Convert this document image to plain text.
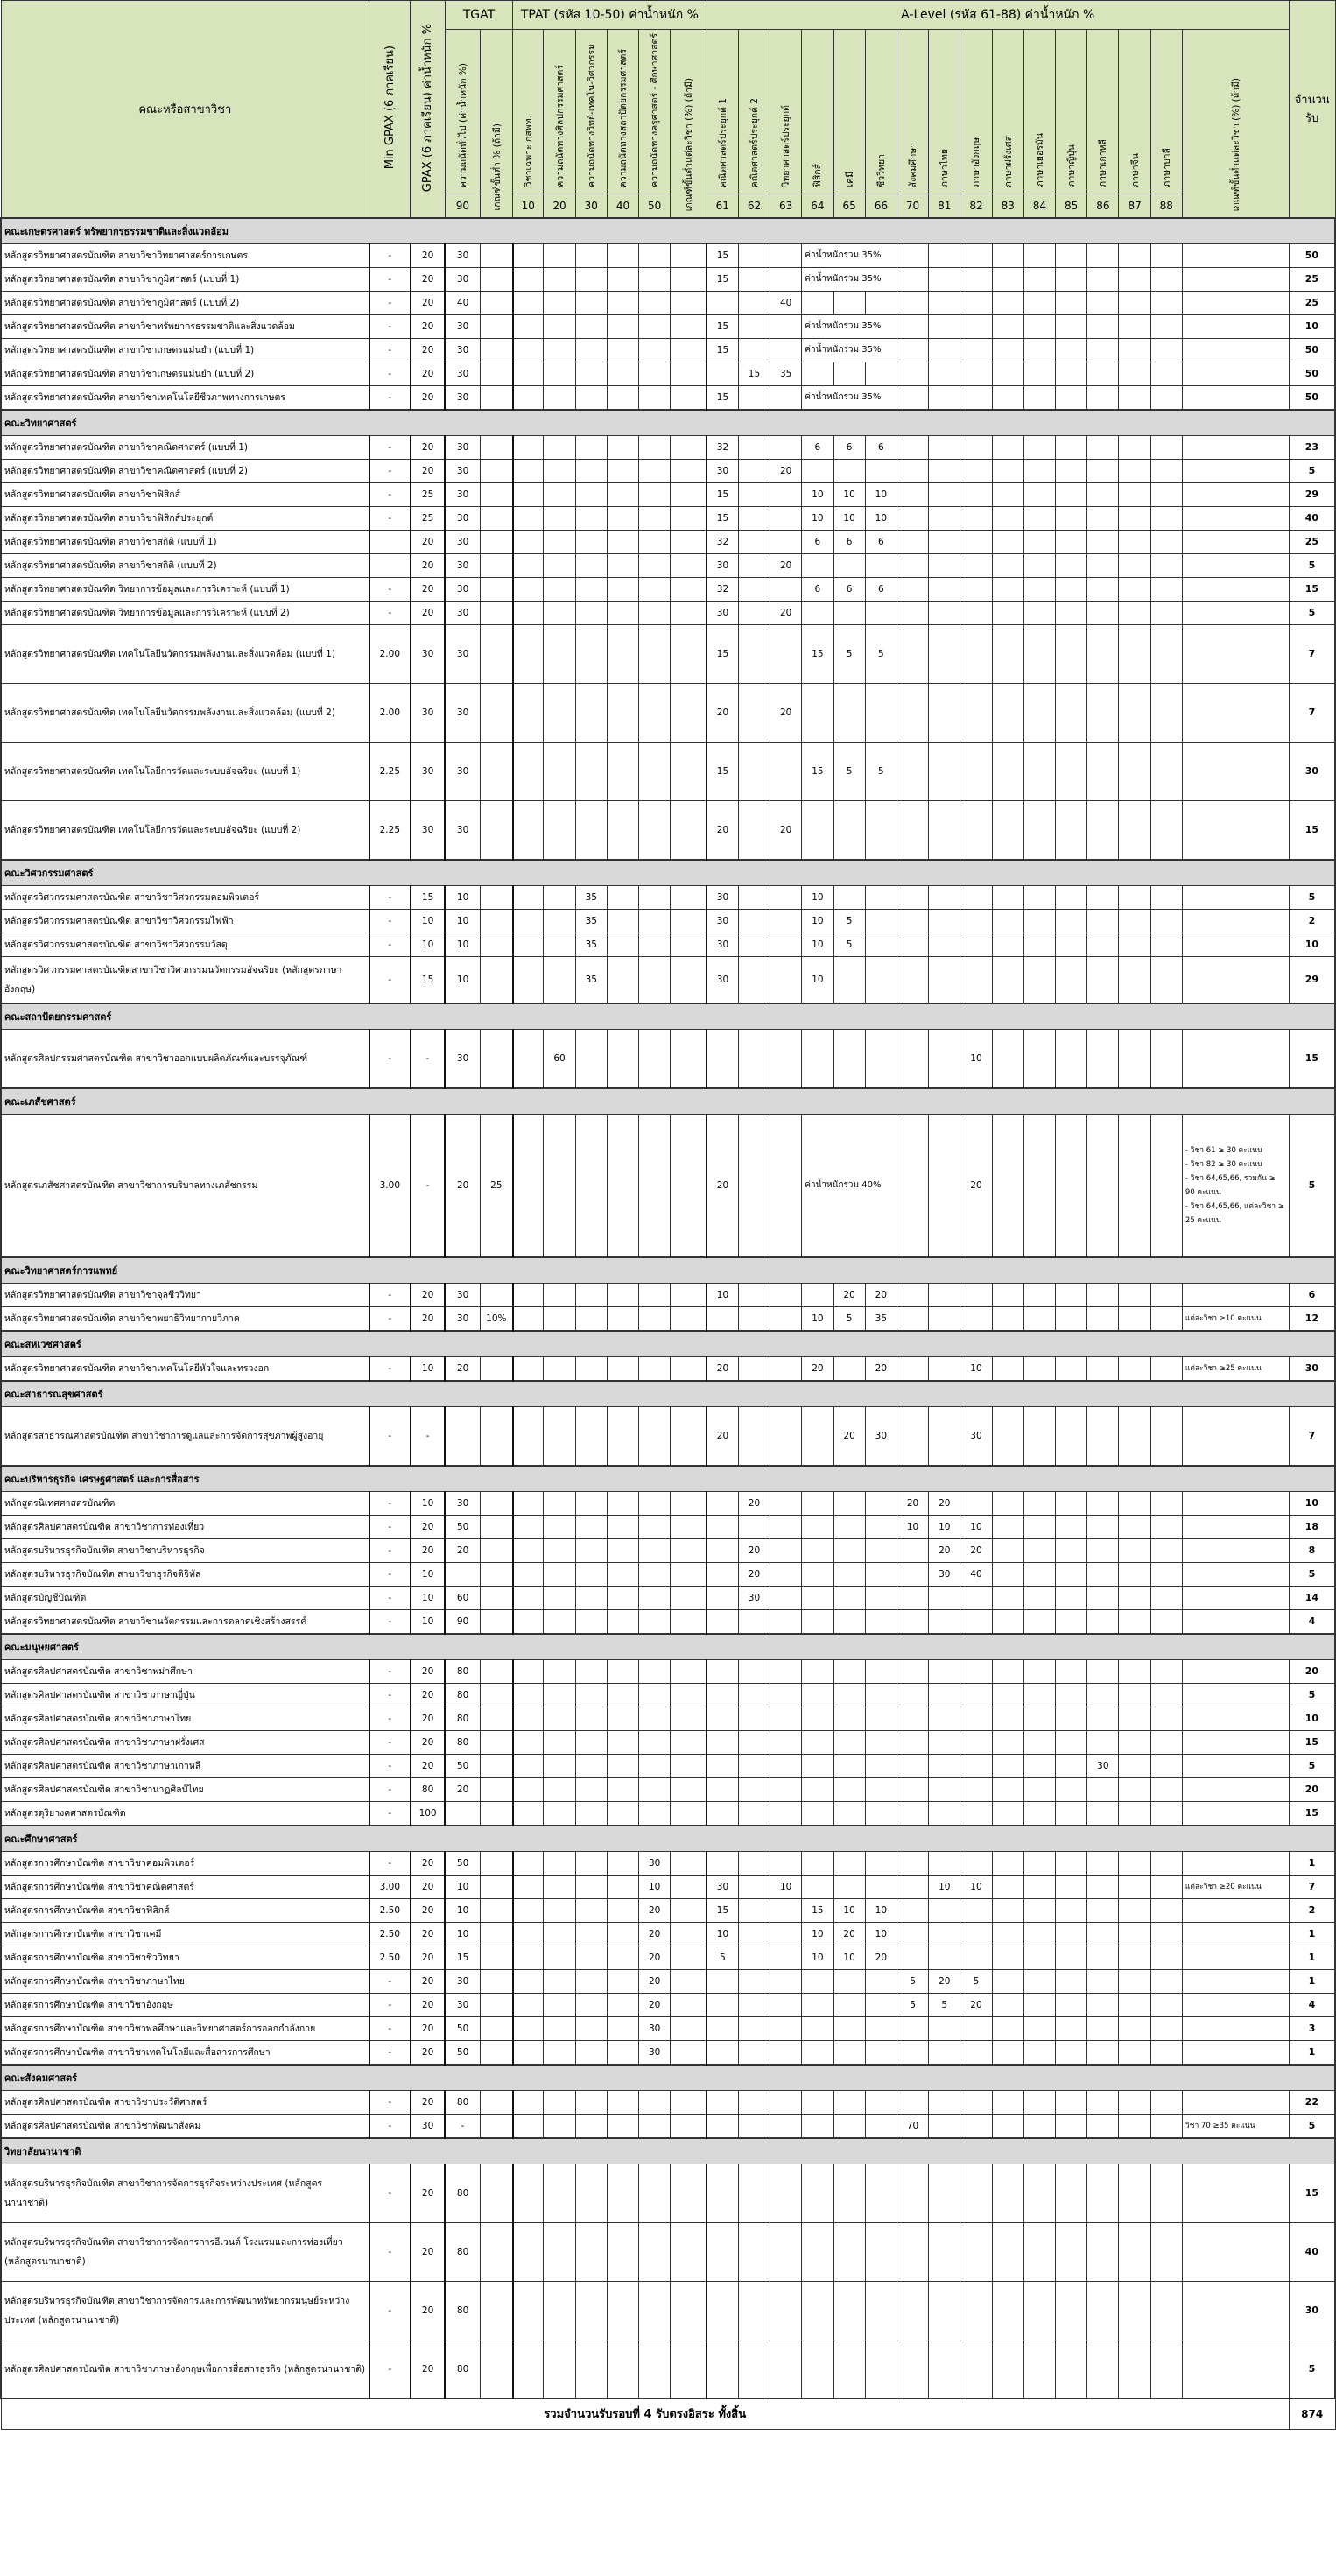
คณะหรือสาขาวิชา	Min GPAX (6 ภาคเรียน)	GPAX (6 ภาคเรียน) ค่าน้ำหนัก %	TGAT		TPAT (รหัส 10-50) ค่าน้ำหนัก %						A-Level (รหัส 61-88) ค่าน้ำหนัก %																จำนวนรับ
			ความถนัดทั่วไป (ค่าน้ำหนัก %)	เกณฑ์ขั้นต่ำ % (ถ้ามี)	วิชาเฉพาะ กสพท.	ความถนัดทางศิลปกรรมศาสตร์	ความถนัดทางวิทย์-เทคโน-วิศวกรรม	ความถนัดทางสถาปัตยกรรมศาสตร์	ความถนัดทางครุศาสตร์ - ศึกษาศาสตร์	เกณฑ์ขั้นต่ำแต่ละวิชา (%) (ถ้ามี)	คณิตศาสตร์ประยุกต์ 1	คณิตศาสตร์ประยุกต์ 2	วิทยาศาสตร์ประยุกต์	ฟิสิกส์	เคมี	ชีววิทยา	สังคมศึกษา	ภาษาไทย	ภาษาอังกฤษ	ภาษาฝรั่งเศส	ภาษาเยอรมัน	ภาษาญี่ปุ่น	ภาษาเกาหลี	ภาษาจีน	ภาษาบาลี	เกณฑ์ขั้นต่ำแต่ละวิชา (%) (ถ้ามี)	
			90		10	20	30	40	50		61	62	63	64	65	66	70	81	82	83	84	85	86	87	88		
คณะเกษตรศาสตร์ ทรัพยากรธรรมชาติและสิ่งแวดล้อม																											
หลักสูตรวิทยาศาสตรบัณฑิต สาขาวิชาวิทยาศาสตร์การเกษตร	-	20	30								15			ค่าน้ำหนักรวม 35%													50
หลักสูตรวิทยาศาสตรบัณฑิต สาขาวิชาภูมิศาสตร์ (แบบที่ 1)	-	20	30								15			ค่าน้ำหนักรวม 35%													25
หลักสูตรวิทยาศาสตรบัณฑิต สาขาวิชาภูมิศาสตร์ (แบบที่ 2)	-	20	40										40														25
หลักสูตรวิทยาศาสตรบัณฑิต สาขาวิชาทรัพยากรธรรมชาติและสิ่งแวดล้อม	-	20	30								15			ค่าน้ำหนักรวม 35%													10
หลักสูตรวิทยาศาสตรบัณฑิต สาขาวิชาเกษตรแม่นยำ (แบบที่ 1)	-	20	30								15			ค่าน้ำหนักรวม 35%													50
หลักสูตรวิทยาศาสตรบัณฑิต สาขาวิชาเกษตรแม่นยำ (แบบที่ 2)	-	20	30									15	35														50
หลักสูตรวิทยาศาสตรบัณฑิต สาขาวิชาเทคโนโลยีชีวภาพทางการเกษตร	-	20	30								15			ค่าน้ำหนักรวม 35%													50
คณะวิทยาศาสตร์																											
หลักสูตรวิทยาศาสตรบัณฑิต สาขาวิชาคณิตศาสตร์ (แบบที่ 1)	-	20	30								32			6	6	6											23
หลักสูตรวิทยาศาสตรบัณฑิต สาขาวิชาคณิตศาสตร์ (แบบที่ 2)	-	20	30								30		20														5
หลักสูตรวิทยาศาสตรบัณฑิต สาขาวิชาฟิสิกส์	-	25	30								15			10	10	10											29
หลักสูตรวิทยาศาสตรบัณฑิต สาขาวิชาฟิสิกส์ประยุกต์	-	25	30								15			10	10	10											40
หลักสูตรวิทยาศาสตรบัณฑิต สาขาวิชาสถิติ (แบบที่ 1)		20	30								32			6	6	6											25
หลักสูตรวิทยาศาสตรบัณฑิต สาขาวิชาสถิติ (แบบที่ 2)		20	30								30		20														5
หลักสูตรวิทยาศาสตรบัณฑิต วิทยาการข้อมูลและการวิเคราะห์ (แบบที่ 1)	-	20	30								32			6	6	6											15
หลักสูตรวิทยาศาสตรบัณฑิต วิทยาการข้อมูลและการวิเคราะห์ (แบบที่ 2)	-	20	30								30		20														5
หลักสูตรวิทยาศาสตรบัณฑิต เทคโนโลยีนวัตกรรมพลังงานและสิ่งแวดล้อม (แบบที่ 1)	2.00	30	30								15			15	5	5											7
หลักสูตรวิทยาศาสตรบัณฑิต เทคโนโลยีนวัตกรรมพลังงานและสิ่งแวดล้อม (แบบที่ 2)	2.00	30	30								20		20														7
หลักสูตรวิทยาศาสตรบัณฑิต เทคโนโลยีการวัดและระบบอัจฉริยะ (แบบที่ 1)	2.25	30	30								15			15	5	5											30
หลักสูตรวิทยาศาสตรบัณฑิต เทคโนโลยีการวัดและระบบอัจฉริยะ (แบบที่ 2)	2.25	30	30								20		20														15
คณะวิศวกรรมศาสตร์																											
หลักสูตรวิศวกรรมศาสตรบัณฑิต สาขาวิชาวิศวกรรมคอมพิวเตอร์	-	15	10				35				30			10													5
หลักสูตรวิศวกรรมศาสตรบัณฑิต สาขาวิชาวิศวกรรมไฟฟ้า	-	10	10				35				30			10	5												2
หลักสูตรวิศวกรรมศาสตรบัณฑิต สาขาวิชาวิศวกรรมวัสดุ	-	10	10				35				30			10	5												10
หลักสูตรวิศวกรรมศาสตรบัณฑิตสาขาวิชาวิศวกรรมนวัตกรรมอัจฉริยะ (หลักสูตรภาษาอังกฤษ)	-	15	10				35				30			10													29
คณะสถาปัตยกรรมศาสตร์																											
หลักสูตรศิลปกรรมศาสตรบัณฑิต สาขาวิชาออกแบบผลิตภัณฑ์และบรรจุภัณฑ์	-	-	30			60													10								15
คณะเภสัชศาสตร์																											
หลักสูตรเภสัชศาสตรบัณฑิต สาขาวิชาการบริบาลทางเภสัชกรรม	3.00	-	20	25							20			ค่าน้ำหนักรวม 40%					20							- วิชา 61 ≥ 30 คะแนน
- วิชา 82 ≥ 30 คะแนน
- วิชา 64,65,66, รวมกัน ≥ 90 คะแนน
- วิชา 64,65,66, แต่ละวิชา ≥ 25 คะแนน	5
คณะวิทยาศาสตร์การแพทย์																											
หลักสูตรวิทยาศาสตรบัณฑิต สาขาวิชาจุลชีววิทยา	-	20	30								10				20	20											6
หลักสูตรวิทยาศาสตรบัณฑิต สาขาวิชาพยาธิวิทยากายวิภาค	-	20	30	10%										10	5	35										แต่ละวิชา ≥10 คะแนน	12
คณะสหเวชศาสตร์																											
หลักสูตรวิทยาศาสตรบัณฑิต สาขาวิชาเทคโนโลยีหัวใจและทรวงอก	-	10	20								20			20		20			10							แต่ละวิชา ≥25 คะแนน	30
คณะสาธารณสุขศาสตร์																											
หลักสูตรสาธารณศาสตรบัณฑิต สาขาวิชาการดูแลและการจัดการสุขภาพผู้สูงอายุ	-	-									20				20	30			30								7
คณะบริหารธุรกิจ เศรษฐศาสตร์ และการสื่อสาร																											
หลักสูตรนิเทศศาสตรบัณฑิต	-	10	30									20					20	20									10
หลักสูตรศิลปศาสตรบัณฑิต สาขาวิชาการท่องเที่ยว	-	20	50														10	10	10								18
หลักสูตรบริหารธุรกิจบัณฑิต สาขาวิชาบริหารธุรกิจ	-	20	20									20						20	20								8
หลักสูตรบริหารธุรกิจบัณฑิต สาขาวิชาธุรกิจดิจิทัล	-	10										20						30	40								5
หลักสูตรบัญชีบัณฑิต	-	10	60									30															14
หลักสูตรวิทยาศาสตรบัณฑิต สาขาวิชานวัตกรรมและการตลาดเชิงสร้างสรรค์	-	10	90																								4
คณะมนุษยศาสตร์																											
หลักสูตรศิลปศาสตรบัณฑิต สาขาวิชาพม่าศึกษา	-	20	80																								20
หลักสูตรศิลปศาสตรบัณฑิต สาขาวิชาภาษาญี่ปุ่น	-	20	80																								5
หลักสูตรศิลปศาสตรบัณฑิต สาขาวิชาภาษาไทย	-	20	80																								10
หลักสูตรศิลปศาสตรบัณฑิต สาขาวิชาภาษาฝรั่งเศส	-	20	80																								15
หลักสูตรศิลปศาสตรบัณฑิต สาขาวิชาภาษาเกาหลี	-	20	50																				30				5
หลักสูตรศิลปศาสตรบัณฑิต สาขาวิชานาฏศิลป์ไทย	-	80	20																								20
หลักสูตรดุริยางคศาสตรบัณฑิต	-	100																									15
คณะศึกษาศาสตร์																											
หลักสูตรการศึกษาบัณฑิต สาขาวิชาคอมพิวเตอร์	-	20	50						30																		1
หลักสูตรการศึกษาบัณฑิต สาขาวิชาคณิตศาสตร์	3.00	20	10						10		30		10					10	10							แต่ละวิชา ≥20 คะแนน	7
หลักสูตรการศึกษาบัณฑิต สาขาวิชาฟิสิกส์	2.50	20	10						20		15			15	10	10											2
หลักสูตรการศึกษาบัณฑิต สาขาวิชาเคมี	2.50	20	10						20		10			10	20	10											1
หลักสูตรการศึกษาบัณฑิต สาขาวิชาชีววิทยา	2.50	20	15						20		5			10	10	20											1
หลักสูตรการศึกษาบัณฑิต สาขาวิชาภาษาไทย	-	20	30						20								5	20	5								1
หลักสูตรการศึกษาบัณฑิต สาขาวิชาอังกฤษ	-	20	30						20								5	5	20								4
หลักสูตรการศึกษาบัณฑิต สาขาวิชาพลศึกษาและวิทยาศาสตร์การออกกำลังกาย	-	20	50						30																		3
หลักสูตรการศึกษาบัณฑิต สาขาวิชาเทคโนโลยีและสื่อสารการศึกษา	-	20	50						30																		1
คณะสังคมศาสตร์																											
หลักสูตรศิลปศาสตรบัณฑิต สาขาวิชาประวัติศาสตร์	-	20	80																								22
หลักสูตรศิลปศาสตรบัณฑิต สาขาวิชาพัฒนาสังคม	-	30	-														70									วิชา 70 ≥35 คะแนน	5
วิทยาลัยนานาชาติ																											
หลักสูตรบริหารธุรกิจบัณฑิต สาขาวิชาการจัดการธุรกิจระหว่างประเทศ (หลักสูตรนานาชาติ)	-	20	80																								15
หลักสูตรบริหารธุรกิจบัณฑิต สาขาวิชาการจัดการการอีเวนต์ โรงแรมและการท่องเที่ยว (หลักสูตรนานาชาติ)	-	20	80																								40
หลักสูตรบริหารธุรกิจบัณฑิต สาขาวิชาการจัดการและการพัฒนาทรัพยากรมนุษย์ระหว่างประเทศ (หลักสูตรนานาชาติ)	-	20	80																								30
หลักสูตรศิลปศาสตรบัณฑิต สาขาวิชาภาษาอังกฤษเพื่อการสื่อสารธุรกิจ (หลักสูตรนานาชาติ)	-	20	80																								5
รวมจำนวนรับรอบที่ 4 รับตรงอิสระ ทั้งสิ้น																											874
